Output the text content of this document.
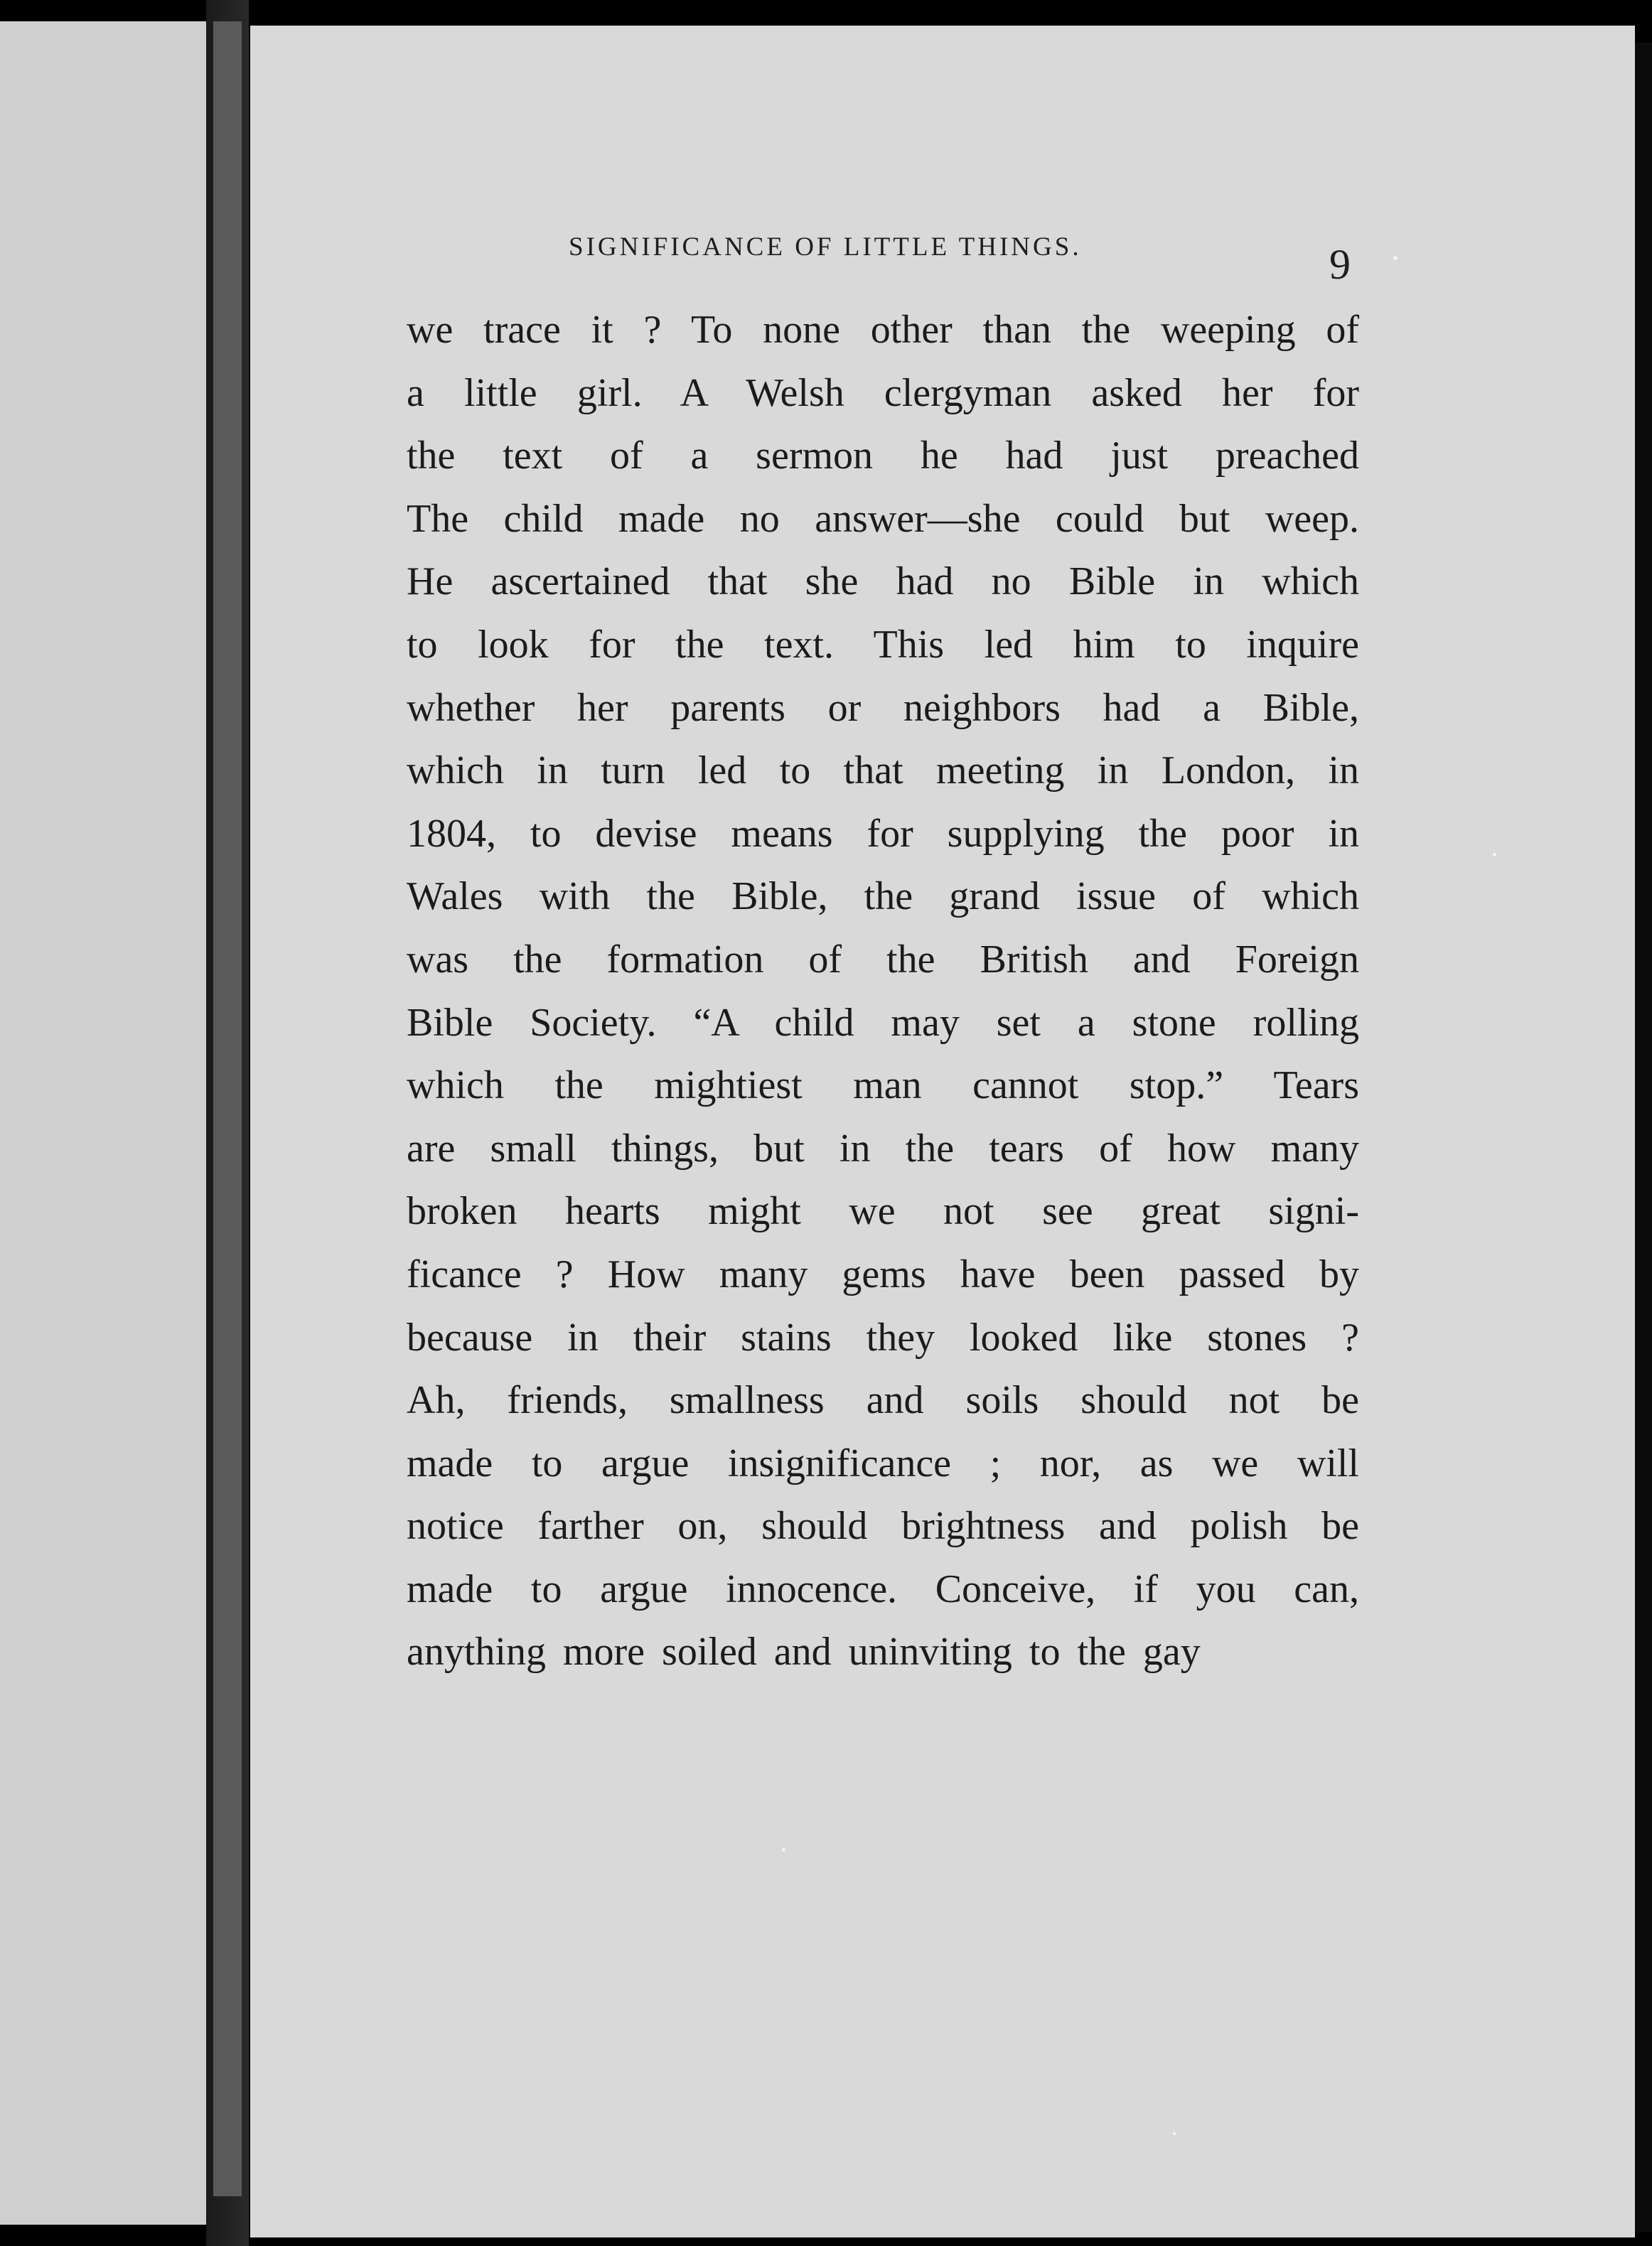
SIGNIFICANCE OF LITTLE THINGS.	9
we trace it ? To none other than the weeping of
a little girl. A Welsh clergyman asked her for
the text of a sermon he had just preached
The child made no answer—she could but weep.
He ascertained that she had no Bible in which
to look for the text. This led him to inquire
whether her parents or neighbors had a Bible,
which in turn led to that meeting in London, in
1804, to devise means for supplying the poor in
Wales with the Bible, the grand issue of which
was the formation of the British and Foreign
Bible Society. “A child may set a stone rolling
which the mightiest man cannot stop.” Tears
are small things, but in the tears of how many
broken hearts might we not see great signi-
ficance ? How many gems have been passed by
because in their stains they looked like stones ?
Ah, friends, smallness and soils should not be
made to argue insignificance ; nor, as we will
notice farther on, should brightness and polish be
made to argue innocence. Conceive, if you can,
anything more soiled and uninviting to the gay
